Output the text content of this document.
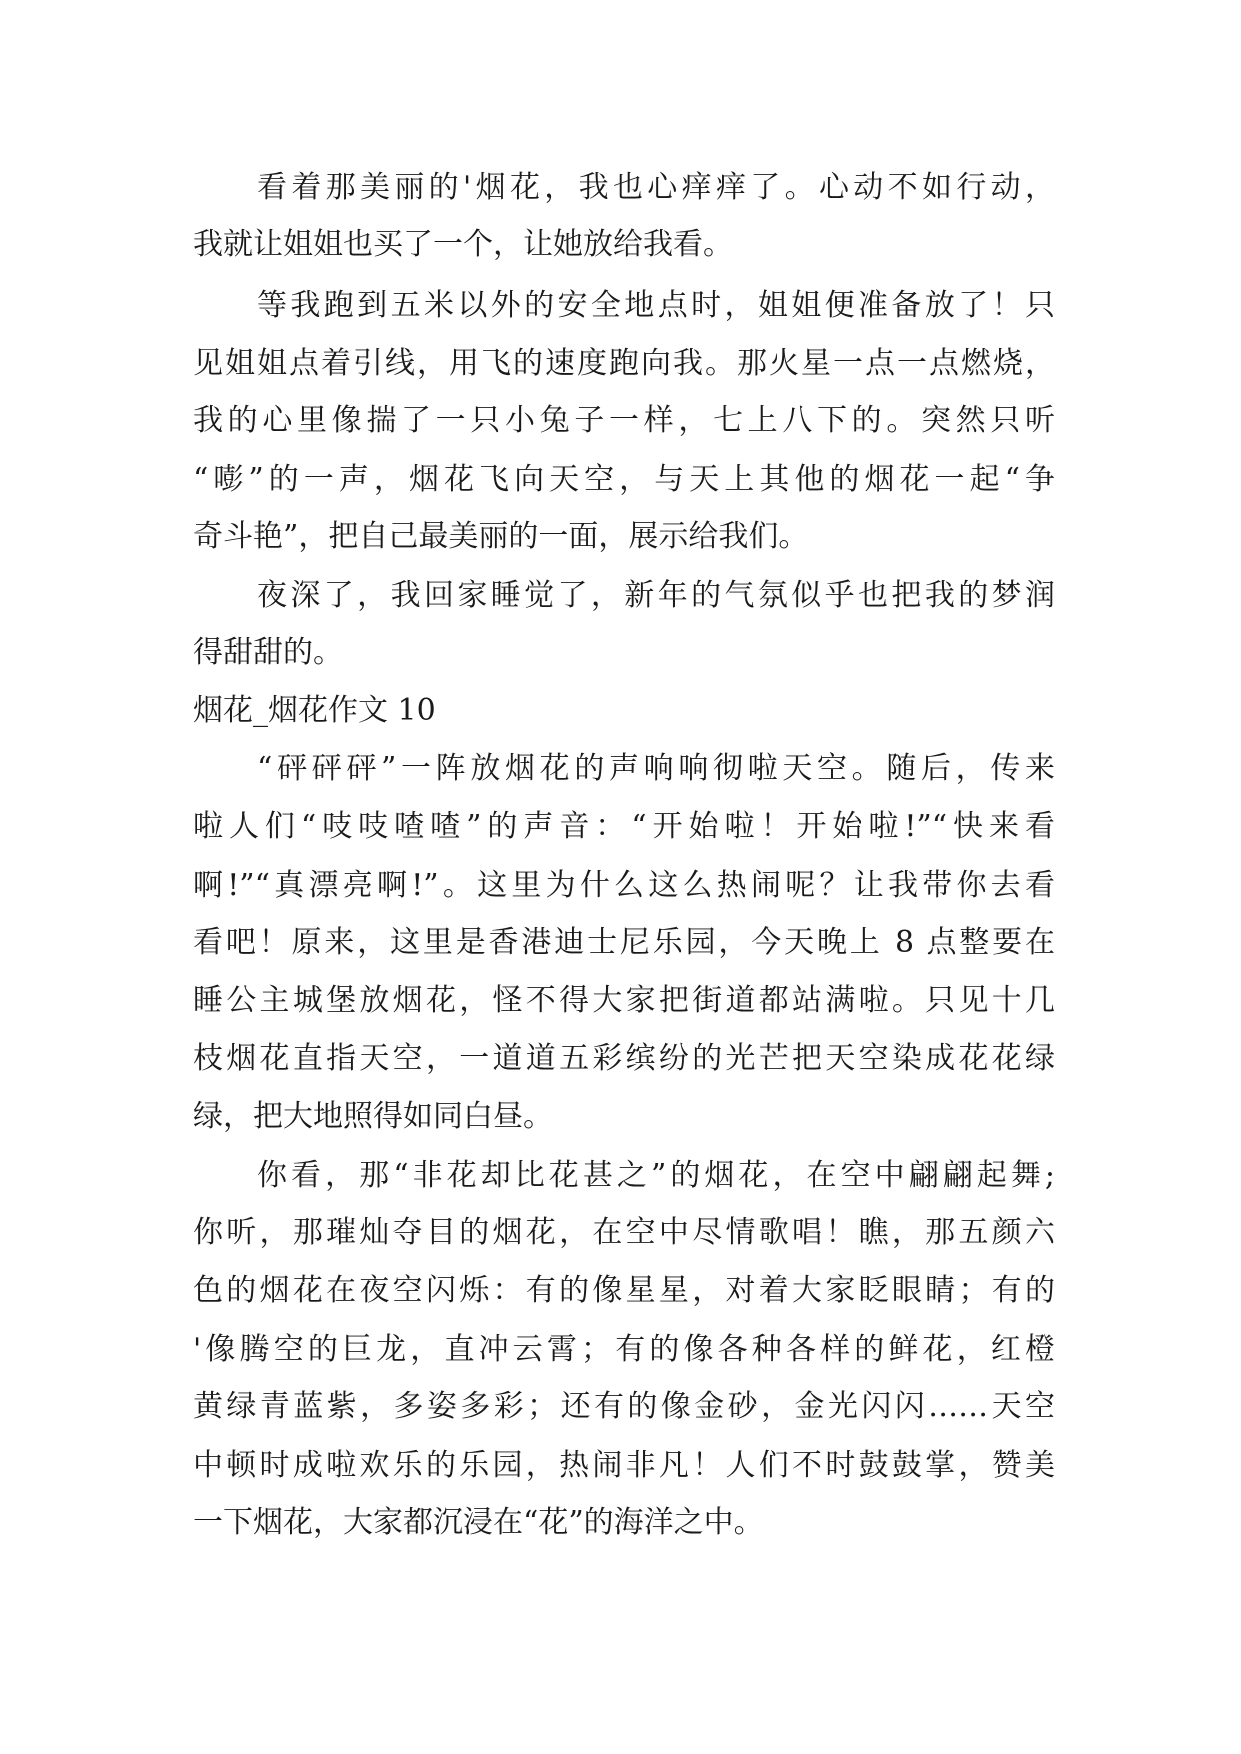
看着那美丽的'烟花，我也心痒痒了。心动不如行动，
我就让姐姐也买了一个，让她放给我看。
等我跑到五米以外的安全地点时，姐姐便准备放了！只
见姐姐点着引线，用飞的速度跑向我。那火星一点一点燃烧，
我的心里像揣了一只小兔子一样，七上八下的。突然只听
“嘭”的一声，烟花飞向天空，与天上其他的烟花一起“争
奇斗艳”，把自己最美丽的一面，展示给我们。
夜深了，我回家睡觉了，新年的气氛似乎也把我的梦润
得甜甜的。
烟花_烟花作文 10
“砰砰砰”一阵放烟花的声响响彻啦天空。随后，传来
啦人们“吱吱喳喳”的声音：“开始啦！开始啦!”“快来看
啊!”“真漂亮啊!”。这里为什么这么热闹呢？让我带你去看
看吧！原来，这里是香港迪士尼乐园，今天晚上 8 点整要在
睡公主城堡放烟花，怪不得大家把街道都站满啦。只见十几
枝烟花直指天空，一道道五彩缤纷的光芒把天空染成花花绿
绿，把大地照得如同白昼。
你看，那“非花却比花甚之”的烟花，在空中翩翩起舞;
你听，那璀灿夺目的烟花，在空中尽情歌唱！瞧，那五颜六
色的烟花在夜空闪烁：有的像星星，对着大家眨眼睛；有的
'像腾空的巨龙，直冲云霄；有的像各种各样的鲜花，红橙
黄绿青蓝紫，多姿多彩；还有的像金砂，金光闪闪……天空
中顿时成啦欢乐的乐园，热闹非凡！人们不时鼓鼓掌，赞美
一下烟花，大家都沉浸在“花”的海洋之中。
